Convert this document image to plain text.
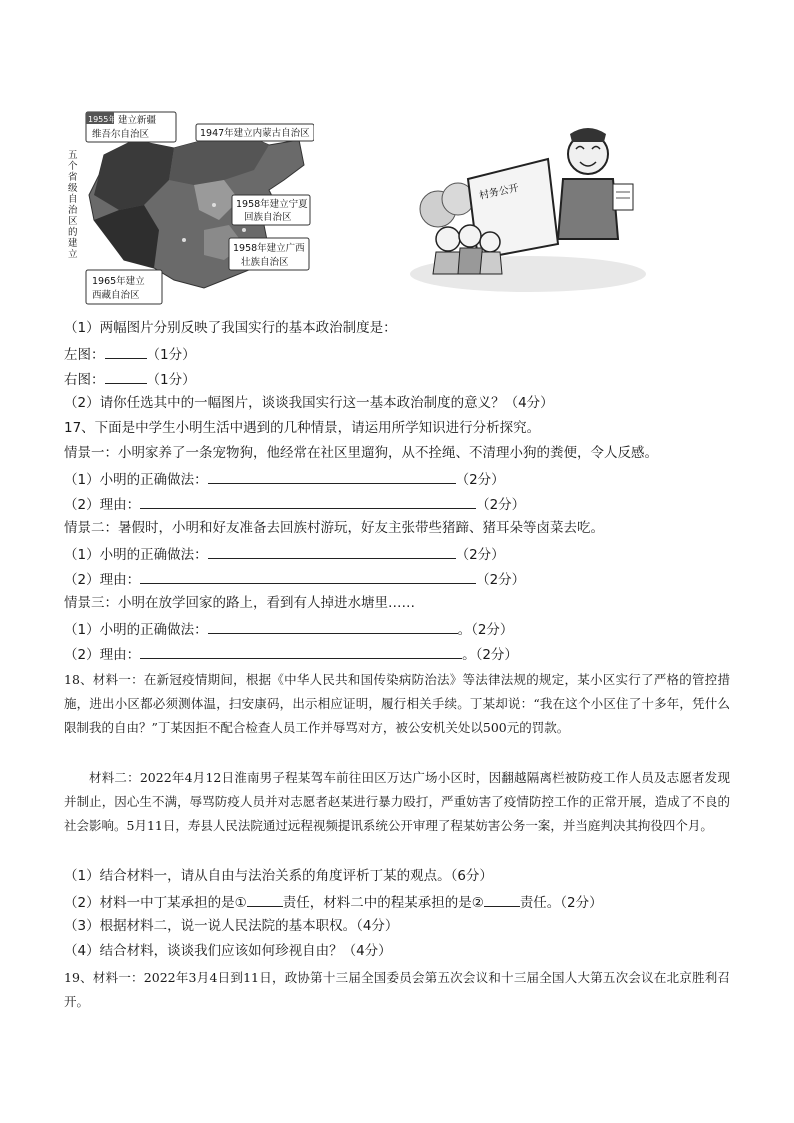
1955年 建立新疆
维吾尔自治区	1947年建立内蒙古自治区
1958年建立宁夏
回族自治区
1958年建立广西
壮族自治区
1965年建立
西藏自治区
五
个
省
级
自
治
区
的
建
立
村务公开
（1）两幅图片分别反映了我国实行的基本政治制度是：
左图：	（1分）
右图：	（1分）
（2）请你任选其中的一幅图片，谈谈我国实行这一基本政治制度的意义？（4分）
17、下面是中学生小明生活中遇到的几种情景，请运用所学知识进行分析探究。
情景一：小明家养了一条宠物狗，他经常在社区里遛狗，从不拴绳、不清理小狗的粪便，令人反感。
（1）小明的正确做法：	（2分）
（2）理由：	（2分）
情景二：暑假时，小明和好友准备去回族村游玩，好友主张带些猪蹄、猪耳朵等卤菜去吃。
（1）小明的正确做法：	（2分）
（2）理由：	（2分）
情景三：小明在放学回家的路上，看到有人掉进水塘里……
（1）小明的正确做法：	。（2分）
（2）理由：	。（2分）
18、材料一：在新冠疫情期间，根据《中华人民共和国传染病防治法》等法律法规的规定，某小区实行了严格的管控措施，进出小区都必须测体温，扫安康码，出示相应证明，履行相关手续。丁某却说：“我在这个小区住了十多年，凭什么限制我的自由？”丁某因拒不配合检查人员工作并辱骂对方，被公安机关处以500元的罚款。
材料二：2022年4月12日淮南男子程某驾车前往田区万达广场小区时，因翻越隔离栏被防疫工作人员及志愿者发现并制止，因心生不满，辱骂防疫人员并对志愿者赵某进行暴力殴打，严重妨害了疫情防控工作的正常开展，造成了不良的社会影响。5月11日，寿县人民法院通过远程视频提讯系统公开审理了程某妨害公务一案，并当庭判决其拘役四个月。
（1）结合材料一，请从自由与法治关系的角度评析丁某的观点。（6分）
（2）材料一中丁某承担的是①	责任，材料二中的程某承担的是②	责任。（2分）
（3）根据材料二，说一说人民法院的基本职权。（4分）
（4）结合材料，谈谈我们应该如何珍视自由？（4分）
19、材料一：2022年3月4日到11日，政协第十三届全国委员会第五次会议和十三届全国人大第五次会议在北京胜利召开。
